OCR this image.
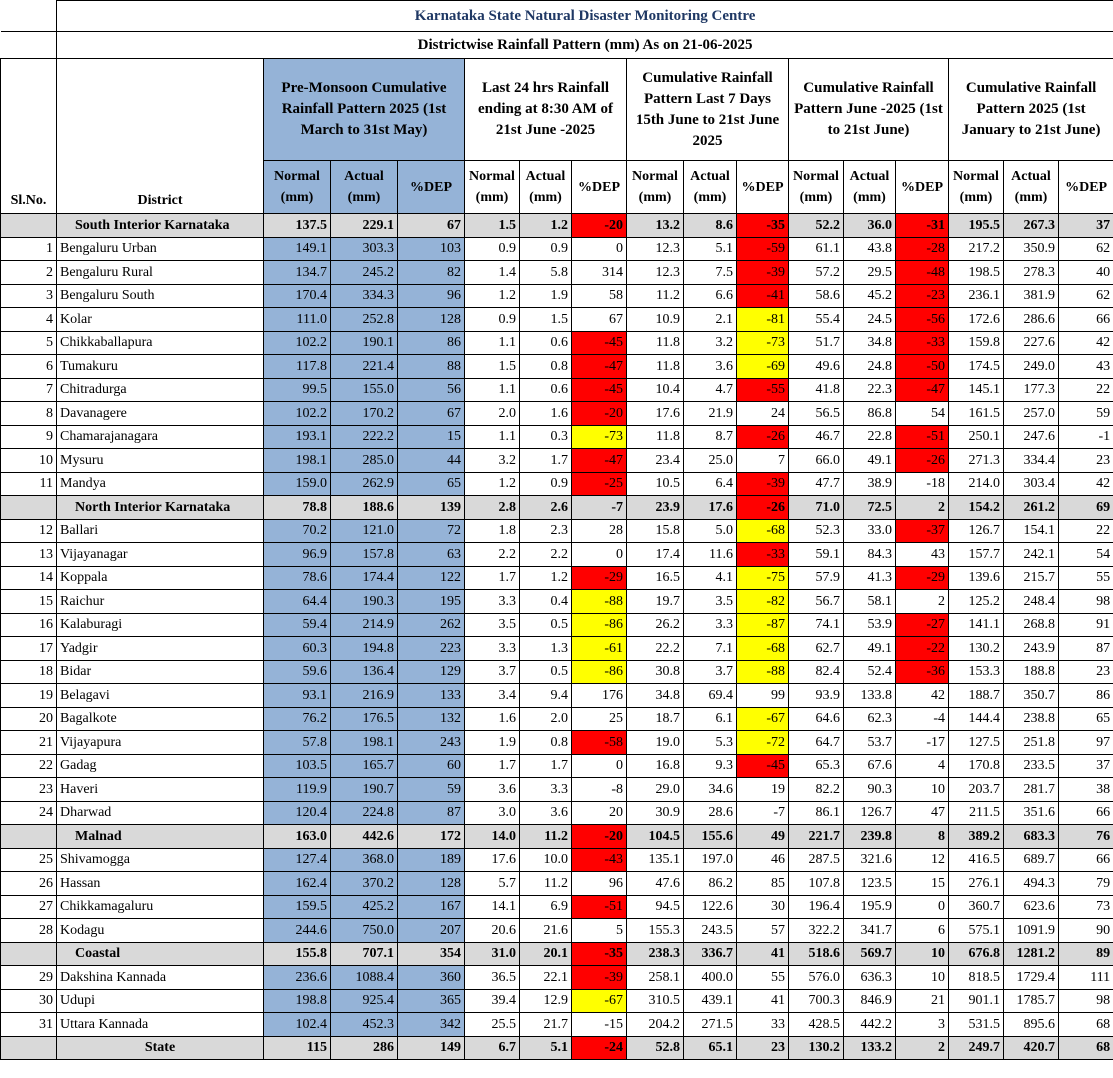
	Karnataka State Natural Disaster Monitoring Centre															
	Districtwise Rainfall Pattern (mm) As on 21-06-2025															
Sl.No.	District	Pre-Monsoon Cumulative Rainfall Pattern 2025 (1st March to 31st May)			Last 24 hrs Rainfall ending at 8:30 AM of 21st June -2025			Cumulative Rainfall Pattern Last 7 Days 15th June to 21st June 2025			Cumulative Rainfall Pattern June -2025 (1st to 21st June)			Cumulative Rainfall Pattern 2025 (1st January to 21st June)		
		Normal (mm)	Actual (mm)	%DEP	Normal (mm)	Actual (mm)	%DEP	Normal (mm)	Actual (mm)	%DEP	Normal (mm)	Actual (mm)	%DEP	Normal (mm)	Actual (mm)	%DEP
	South Interior Karnataka	137.5	229.1	67	1.5	1.2	-20	13.2	8.6	-35	52.2	36.0	-31	195.5	267.3	37
1	Bengaluru Urban	149.1	303.3	103	0.9	0.9	0	12.3	5.1	-59	61.1	43.8	-28	217.2	350.9	62
2	Bengaluru Rural	134.7	245.2	82	1.4	5.8	314	12.3	7.5	-39	57.2	29.5	-48	198.5	278.3	40
3	Bengaluru South	170.4	334.3	96	1.2	1.9	58	11.2	6.6	-41	58.6	45.2	-23	236.1	381.9	62
4	Kolar	111.0	252.8	128	0.9	1.5	67	10.9	2.1	-81	55.4	24.5	-56	172.6	286.6	66
5	Chikkaballapura	102.2	190.1	86	1.1	0.6	-45	11.8	3.2	-73	51.7	34.8	-33	159.8	227.6	42
6	Tumakuru	117.8	221.4	88	1.5	0.8	-47	11.8	3.6	-69	49.6	24.8	-50	174.5	249.0	43
7	Chitradurga	99.5	155.0	56	1.1	0.6	-45	10.4	4.7	-55	41.8	22.3	-47	145.1	177.3	22
8	Davanagere	102.2	170.2	67	2.0	1.6	-20	17.6	21.9	24	56.5	86.8	54	161.5	257.0	59
9	Chamarajanagara	193.1	222.2	15	1.1	0.3	-73	11.8	8.7	-26	46.7	22.8	-51	250.1	247.6	-1
10	Mysuru	198.1	285.0	44	3.2	1.7	-47	23.4	25.0	7	66.0	49.1	-26	271.3	334.4	23
11	Mandya	159.0	262.9	65	1.2	0.9	-25	10.5	6.4	-39	47.7	38.9	-18	214.0	303.4	42
	North Interior Karnataka	78.8	188.6	139	2.8	2.6	-7	23.9	17.6	-26	71.0	72.5	2	154.2	261.2	69
12	Ballari	70.2	121.0	72	1.8	2.3	28	15.8	5.0	-68	52.3	33.0	-37	126.7	154.1	22
13	Vijayanagar	96.9	157.8	63	2.2	2.2	0	17.4	11.6	-33	59.1	84.3	43	157.7	242.1	54
14	Koppala	78.6	174.4	122	1.7	1.2	-29	16.5	4.1	-75	57.9	41.3	-29	139.6	215.7	55
15	Raichur	64.4	190.3	195	3.3	0.4	-88	19.7	3.5	-82	56.7	58.1	2	125.2	248.4	98
16	Kalaburagi	59.4	214.9	262	3.5	0.5	-86	26.2	3.3	-87	74.1	53.9	-27	141.1	268.8	91
17	Yadgir	60.3	194.8	223	3.3	1.3	-61	22.2	7.1	-68	62.7	49.1	-22	130.2	243.9	87
18	Bidar	59.6	136.4	129	3.7	0.5	-86	30.8	3.7	-88	82.4	52.4	-36	153.3	188.8	23
19	Belagavi	93.1	216.9	133	3.4	9.4	176	34.8	69.4	99	93.9	133.8	42	188.7	350.7	86
20	Bagalkote	76.2	176.5	132	1.6	2.0	25	18.7	6.1	-67	64.6	62.3	-4	144.4	238.8	65
21	Vijayapura	57.8	198.1	243	1.9	0.8	-58	19.0	5.3	-72	64.7	53.7	-17	127.5	251.8	97
22	Gadag	103.5	165.7	60	1.7	1.7	0	16.8	9.3	-45	65.3	67.6	4	170.8	233.5	37
23	Haveri	119.9	190.7	59	3.6	3.3	-8	29.0	34.6	19	82.2	90.3	10	203.7	281.7	38
24	Dharwad	120.4	224.8	87	3.0	3.6	20	30.9	28.6	-7	86.1	126.7	47	211.5	351.6	66
	Malnad	163.0	442.6	172	14.0	11.2	-20	104.5	155.6	49	221.7	239.8	8	389.2	683.3	76
25	Shivamogga	127.4	368.0	189	17.6	10.0	-43	135.1	197.0	46	287.5	321.6	12	416.5	689.7	66
26	Hassan	162.4	370.2	128	5.7	11.2	96	47.6	86.2	85	107.8	123.5	15	276.1	494.3	79
27	Chikkamagaluru	159.5	425.2	167	14.1	6.9	-51	94.5	122.6	30	196.4	195.9	0	360.7	623.6	73
28	Kodagu	244.6	750.0	207	20.6	21.6	5	155.3	243.5	57	322.2	341.7	6	575.1	1091.9	90
	Coastal	155.8	707.1	354	31.0	20.1	-35	238.3	336.7	41	518.6	569.7	10	676.8	1281.2	89
29	Dakshina Kannada	236.6	1088.4	360	36.5	22.1	-39	258.1	400.0	55	576.0	636.3	10	818.5	1729.4	111
30	Udupi	198.8	925.4	365	39.4	12.9	-67	310.5	439.1	41	700.3	846.9	21	901.1	1785.7	98
31	Uttara Kannada	102.4	452.3	342	25.5	21.7	-15	204.2	271.5	33	428.5	442.2	3	531.5	895.6	68
	State	115	286	149	6.7	5.1	-24	52.8	65.1	23	130.2	133.2	2	249.7	420.7	68
